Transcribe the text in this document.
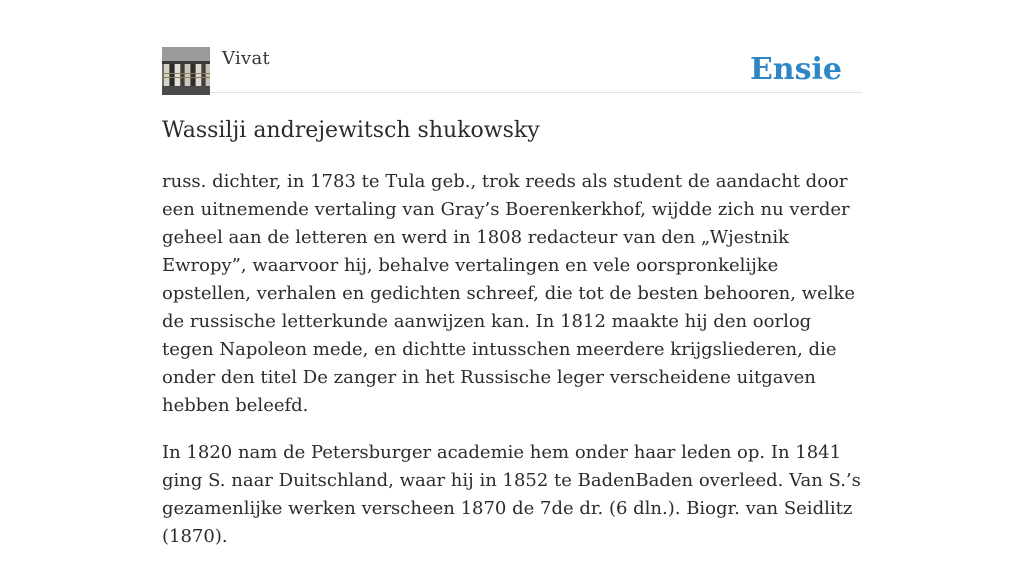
Vivat	Ensie
Wassilji andrejewitsch shukowsky

russ. dichter, in 1783 te Tula geb., trok reeds als student de aandacht door een uitnemende vertaling van Gray’s Boerenkerkhof, wijdde zich nu verder geheel aan de letteren en werd in 1808 redacteur van den „Wjestnik Ewropy”, waarvoor hij, behalve vertalingen en vele oorspronkelijke opstellen, verhalen en gedichten schreef, die tot de besten behooren, welke de russische letterkunde aanwijzen kan. In 1812 maakte hij den oorlog tegen Napoleon mede, en dichtte intusschen meerdere krijgsliederen, die onder den titel De zanger in het Russische leger verscheidene uitgaven hebben beleefd.

In 1820 nam de Petersburger academie hem onder haar leden op. In 1841 ging S. naar Duitschland, waar hij in 1852 te BadenBaden overleed. Van S.’s gezamenlijke werken verscheen 1870 de 7de dr. (6 dln.). Biogr. van Seidlitz (1870).
